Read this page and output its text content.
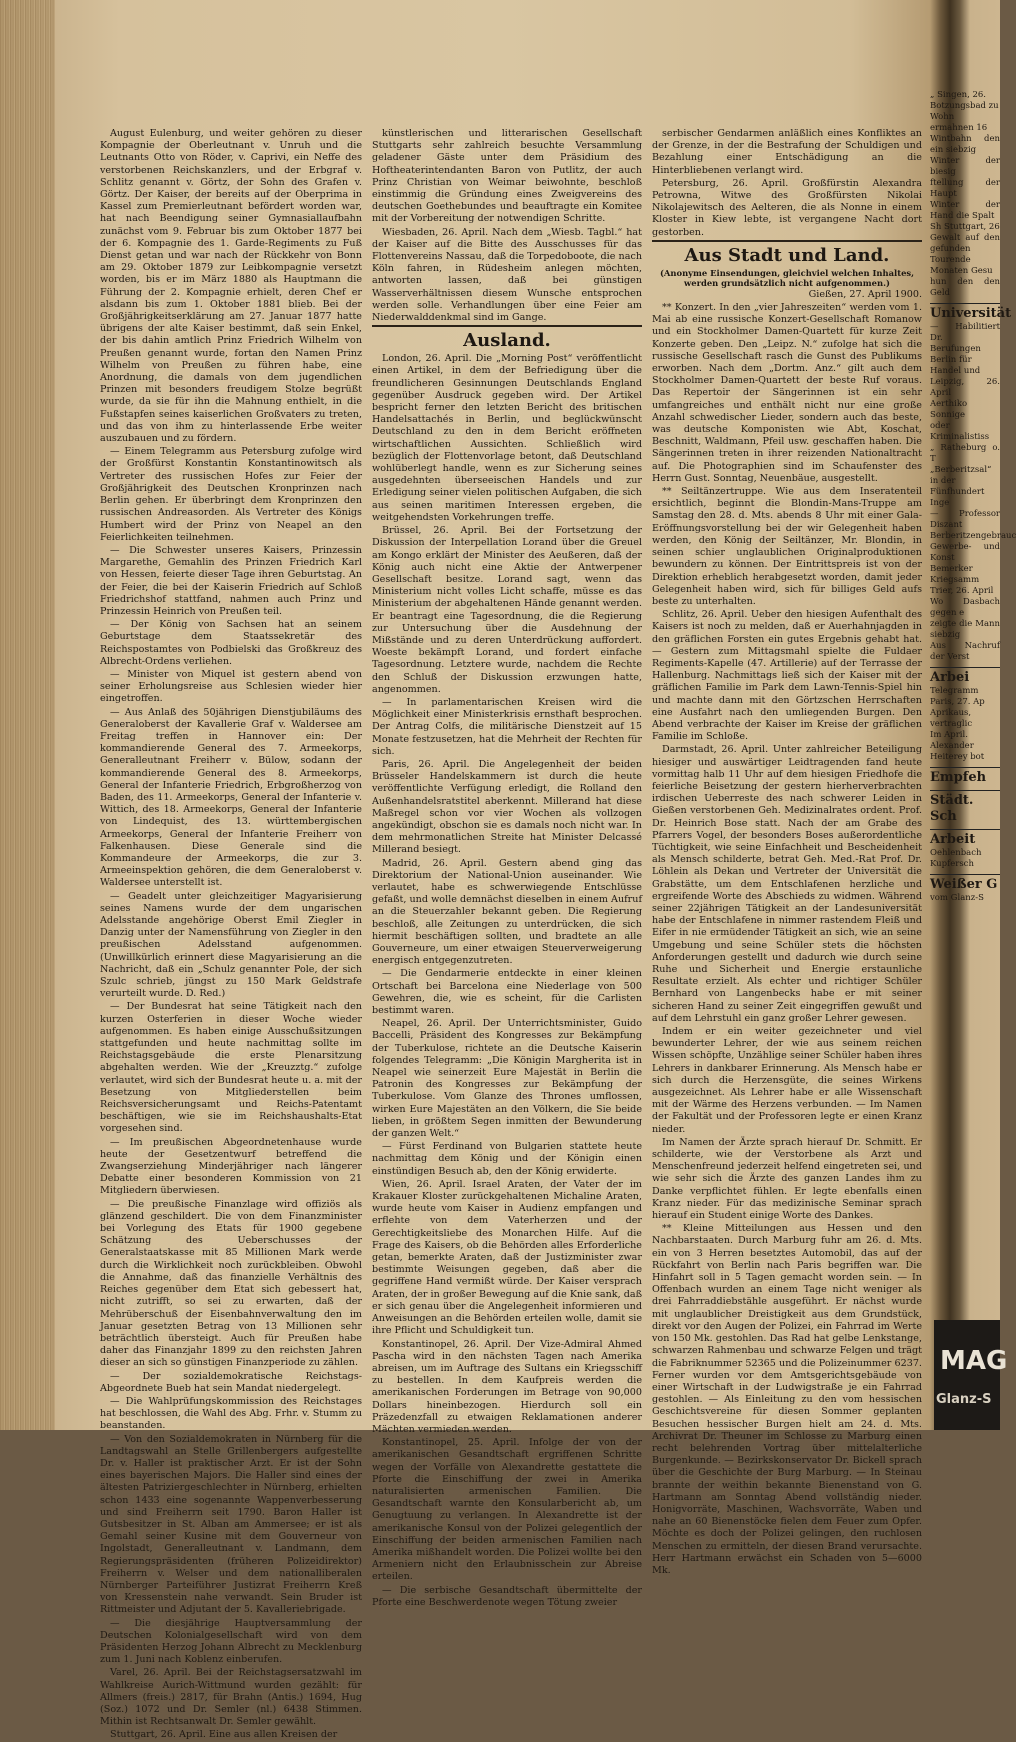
August Eulenburg, und weiter gehören zu dieser Kompagnie der Oberleutnant v. Unruh und die Leutnants Otto von Röder, v. Caprivi, ein Neffe des verstorbenen Reichskanzlers, und der Erbgraf v. Schlitz genannt v. Görtz, der Sohn des Grafen v. Görtz. Der Kaiser, der bereits auf der Oberprima in Kassel zum Premierleutnant befördert worden war, hat nach Beendigung seiner Gymnasiallaufbahn zunächst vom 9. Februar bis zum Oktober 1877 bei der 6. Kompagnie des 1. Garde-Regiments zu Fuß Dienst getan und war nach der Rückkehr von Bonn am 29. Oktober 1879 zur Leibkompagnie versetzt worden, bis er im März 1880 als Hauptmann die Führung der 2. Kompagnie erhielt, deren Chef er alsdann bis zum 1. Oktober 1881 blieb. Bei der Großjährigkeitserklärung am 27. Januar 1877 hatte übrigens der alte Kaiser bestimmt, daß sein Enkel, der bis dahin amtlich Prinz Friedrich Wilhelm von Preußen genannt wurde, fortan den Namen Prinz Wilhelm von Preußen zu führen habe, eine Anordnung, die damals von dem jugendlichen Prinzen mit besonders freudigem Stolze begrüßt wurde, da sie für ihn die Mahnung enthielt, in die Fußstapfen seines kaiserlichen Großvaters zu treten, und das von ihm zu hinterlassende Erbe weiter auszubauen und zu fördern.

— Einem Telegramm aus Petersburg zufolge wird der Großfürst Konstantin Konstantinowitsch als Vertreter des russischen Hofes zur Feier der Großjährigkeit des Deutschen Kronprinzen nach Berlin gehen. Er überbringt dem Kronprinzen den russischen Andreasorden. Als Vertreter des Königs Humbert wird der Prinz von Neapel an den Feierlichkeiten teilnehmen.

— Die Schwester unseres Kaisers, Prinzessin Margarethe, Gemahlin des Prinzen Friedrich Karl von Hessen, feierte dieser Tage ihren Geburtstag. An der Feier, die bei der Kaiserin Friedrich auf Schloß Friedrichshof stattfand, nahmen auch Prinz und Prinzessin Heinrich von Preußen teil.

— Der König von Sachsen hat an seinem Geburtstage dem Staatssekretär des Reichspostamtes von Podbielski das Großkreuz des Albrecht-Ordens verliehen.

— Minister von Miquel ist gestern abend von seiner Erholungsreise aus Schlesien wieder hier eingetroffen.

— Aus Anlaß des 50jährigen Dienstjubiläums des Generaloberst der Kavallerie Graf v. Waldersee am Freitag treffen in Hannover ein: Der kommandierende General des 7. Armeekorps, Generalleutnant Freiherr v. Bülow, sodann der kommandierende General des 8. Armeekorps, General der Infanterie Friedrich, Erbgroßherzog von Baden, des 11. Armeekorps, General der Infanterie v. Wittich, des 18. Armeekorps, General der Infanterie von Lindequist, des 13. württembergischen Armeekorps, General der Infanterie Freiherr von Falkenhausen. Diese Generale sind die Kommandeure der Armeekorps, die zur 3. Armeeinspektion gehören, die dem Generaloberst v. Waldersee unterstellt ist.

— Geadelt unter gleichzeitiger Magyarisierung seines Namens wurde der dem ungarischen Adelsstande angehörige Oberst Emil Ziegler in Danzig unter der Namensführung von Ziegler in den preußischen Adelsstand aufgenommen. (Unwillkürlich erinnert diese Magyarisierung an die Nachricht, daß ein „Schulz genannter Pole, der sich Szulc schrieb, jüngst zu 150 Mark Geldstrafe verurteilt wurde. D. Red.)

— Der Bundesrat hat seine Tätigkeit nach den kurzen Osterferien in dieser Woche wieder aufgenommen. Es haben einige Ausschußsitzungen stattgefunden und heute nachmittag sollte im Reichstagsgebäude die erste Plenarsitzung abgehalten werden. Wie der „Kreuzztg.“ zufolge verlautet, wird sich der Bundesrat heute u. a. mit der Besetzung von Mitgliederstellen beim Reichsversicherungsamt und Reichs-Patentamt beschäftigen, wie sie im Reichshaushalts-Etat vorgesehen sind.

— Im preußischen Abgeordnetenhause wurde heute der Gesetzentwurf betreffend die Zwangserziehung Minderjähriger nach längerer Debatte einer besonderen Kommission von 21 Mitgliedern überwiesen.

— Die preußische Finanzlage wird offiziös als glänzend geschildert. Die von dem Finanzminister bei Vorlegung des Etats für 1900 gegebene Schätzung des Ueberschusses der Generalstaatskasse mit 85 Millionen Mark werde durch die Wirklichkeit noch zurückbleiben. Obwohl die Annahme, daß das finanzielle Verhältnis des Reiches gegenüber dem Etat sich gebessert hat, nicht zutrifft, so sei zu erwarten, daß der Mehrüberschuß der Eisenbahnverwaltung den im Januar gesetzten Betrag von 13 Millionen sehr beträchtlich übersteigt. Auch für Preußen habe daher das Finanzjahr 1899 zu den reichsten Jahren dieser an sich so günstigen Finanzperiode zu zählen.

— Der sozialdemokratische Reichstags-Abgeordnete Bueb hat sein Mandat niedergelegt.

— Die Wahlprüfungskommission des Reichstages hat beschlossen, die Wahl des Abg. Frhr. v. Stumm zu beanstanden.

— Von den Sozialdemokraten in Nürnberg für die Landtagswahl an Stelle Grillenbergers aufgestellte Dr. v. Haller ist praktischer Arzt. Er ist der Sohn eines bayerischen Majors. Die Haller sind eines der ältesten Patriziergeschlechter in Nürnberg, erhielten schon 1433 eine sogenannte Wappenverbesserung und sind Freiherrn seit 1790. Baron Haller ist Gutsbesitzer in St. Alban am Ammersee; er ist als Gemahl seiner Kusine mit dem Gouverneur von Ingolstadt, Generalleutnant v. Landmann, dem Regierungspräsidenten (früheren Polizeidirektor) Freiherrn v. Welser und dem nationalliberalen Nürnberger Parteiführer Justizrat Freiherrn Kreß von Kressenstein nahe verwandt. Sein Bruder ist Rittmeister und Adjutant der 5. Kavalleriebrigade.

— Die diesjährige Hauptversammlung der Deutschen Kolonialgesellschaft wird von dem Präsidenten Herzog Johann Albrecht zu Mecklenburg zum 1. Juni nach Koblenz einberufen.

Varel, 26. April. Bei der Reichstagsersatzwahl im Wahlkreise Aurich-Wittmund wurden gezählt: für Allmers (freis.) 2817, für Brahn (Antis.) 1694, Hug (Soz.) 1072 und Dr. Semler (nl.) 6438 Stimmen. Mithin ist Rechtsanwalt Dr. Semler gewählt.

Stuttgart, 26. April. Eine aus allen Kreisen der

künstlerischen und litterarischen Gesellschaft Stuttgarts sehr zahlreich besuchte Versammlung geladener Gäste unter dem Präsidium des Hoftheaterintendanten Baron von Putlitz, der auch Prinz Christian von Weimar beiwohnte, beschloß einstimmig die Gründung eines Zweigvereins des deutschen Goethebundes und beauftragte ein Komitee mit der Vorbereitung der notwendigen Schritte.

Wiesbaden, 26. April. Nach dem „Wiesb. Tagbl.“ hat der Kaiser auf die Bitte des Ausschusses für das Flottenvereins Nassau, daß die Torpedoboote, die nach Köln fahren, in Rüdesheim anlegen möchten, antworten lassen, daß bei günstigen Wasserverhältnissen diesem Wunsche entsprochen werden solle. Verhandlungen über eine Feier am Niederwalddenkmal sind im Gange.

Ausland.

London, 26. April. Die „Morning Post“ veröffentlicht einen Artikel, in dem der Befriedigung über die freundlicheren Gesinnungen Deutschlands England gegenüber Ausdruck gegeben wird. Der Artikel bespricht ferner den letzten Bericht des britischen Handelsattachés in Berlin, und beglückwünscht Deutschland zu den in dem Bericht eröffneten wirtschaftlichen Aussichten. Schließlich wird bezüglich der Flottenvorlage betont, daß Deutschland wohlüberlegt handle, wenn es zur Sicherung seines ausgedehnten überseeischen Handels und zur Erledigung seiner vielen politischen Aufgaben, die sich aus seinen maritimen Interessen ergeben, die weitgehendsten Vorkehrungen treffe.

Brüssel, 26. April. Bei der Fortsetzung der Diskussion der Interpellation Lorand über die Greuel am Kongo erklärt der Minister des Aeußeren, daß der König auch nicht eine Aktie der Antwerpener Gesellschaft besitze. Lorand sagt, wenn das Ministerium nicht volles Licht schaffe, müsse es das Ministerium der abgehaltenen Hände genannt werden. Er beantragt eine Tagesordnung, die die Regierung zur Untersuchung über die Ausdehnung der Mißstände und zu deren Unterdrückung auffordert. Woeste bekämpft Lorand, und fordert einfache Tagesordnung. Letztere wurde, nachdem die Rechte den Schluß der Diskussion erzwungen hatte, angenommen.

— In parlamentarischen Kreisen wird die Möglichkeit einer Ministerkrisis ernsthaft besprochen. Der Antrag Colfs, die militärische Dienstzeit auf 15 Monate festzusetzen, hat die Mehrheit der Rechten für sich.

Paris, 26. April. Die Angelegenheit der beiden Brüsseler Handelskammern ist durch die heute veröffentlichte Verfügung erledigt, die Rolland den Außenhandelsratstitel aberkennt. Millerand hat diese Maßregel schon vor vier Wochen als vollzogen angekündigt, obschon sie es damals noch nicht war. In dem mehrmonatlichen Streite hat Minister Delcassé Millerand besiegt.

Madrid, 26. April. Gestern abend ging das Direktorium der National-Union auseinander. Wie verlautet, habe es schwerwiegende Entschlüsse gefaßt, und wolle demnächst dieselben in einem Aufruf an die Steuerzahler bekannt geben. Die Regierung beschloß, alle Zeitungen zu unterdrücken, die sich hiermit beschäftigen sollten, und bradtete an alle Gouverneure, um einer etwaigen Steuerverweigerung energisch entgegenzutreten.

— Die Gendarmerie entdeckte in einer kleinen Ortschaft bei Barcelona eine Niederlage von 500 Gewehren, die, wie es scheint, für die Carlisten bestimmt waren.

Neapel, 26. April. Der Unterrichtsminister, Guido Baccelli, Präsident des Kongresses zur Bekämpfung der Tuberkulose, richtete an die Deutsche Kaiserin folgendes Telegramm: „Die Königin Margherita ist in Neapel wie seinerzeit Eure Majestät in Berlin die Patronin des Kongresses zur Bekämpfung der Tuberkulose. Vom Glanze des Thrones umflossen, wirken Eure Majestäten an den Völkern, die Sie beide lieben, in größtem Segen inmitten der Bewunderung der ganzen Welt.“

— Fürst Ferdinand von Bulgarien stattete heute nachmittag dem König und der Königin einen einstündigen Besuch ab, den der König erwiderte.

Wien, 26. April. Israel Araten, der Vater der im Krakauer Kloster zurückgehaltenen Michaline Araten, wurde heute vom Kaiser in Audienz empfangen und erflehte von dem Vaterherzen und der Gerechtigkeitsliebe des Monarchen Hilfe. Auf die Frage des Kaisers, ob die Behörden alles Erforderliche getan, bemerkte Araten, daß der Justizminister zwar bestimmte Weisungen gegeben, daß aber die gegriffene Hand vermißt würde. Der Kaiser versprach Araten, der in großer Bewegung auf die Knie sank, daß er sich genau über die Angelegenheit informieren und Anweisungen an die Behörden erteilen wolle, damit sie ihre Pflicht und Schuldigkeit tun.

Konstantinopel, 26. April. Der Vize-Admiral Ahmed Pascha wird in den nächsten Tagen nach Amerika abreisen, um im Auftrage des Sultans ein Kriegsschiff zu bestellen. In dem Kaufpreis werden die amerikanischen Forderungen im Betrage von 90,000 Dollars hineinbezogen. Hierdurch soll ein Präzedenzfall zu etwaigen Reklamationen anderer Mächten vermieden werden.

Konstantinopel, 25. April. Infolge der von der amerikanischen Gesandtschaft ergriffenen Schritte wegen der Vorfälle von Alexandrette gestattete die Pforte die Einschiffung der zwei in Amerika naturalisierten armenischen Familien. Die Gesandtschaft warnte den Konsularbericht ab, um Genugtuung zu verlangen. In Alexandrette ist der amerikanische Konsul von der Polizei gelegentlich der Einschiffung der beiden armenischen Familien nach Amerika mißhandelt worden. Die Polizei wollte bei den Armeniern nicht den Erlaubnisschein zur Abreise erteilen.

— Die serbische Gesandtschaft übermittelte der Pforte eine Beschwerdenote wegen Tötung zweier

serbischer Gendarmen anläßlich eines Konfliktes an der Grenze, in der die Bestrafung der Schuldigen und Bezahlung einer Entschädigung an die Hinterbliebenen verlangt wird.

Petersburg, 26. April. Großfürstin Alexandra Petrowna, Witwe des Großfürsten Nikolai Nikolajewitsch des Aelteren, die als Nonne in einem Kloster in Kiew lebte, ist vergangene Nacht dort gestorben.

Aus Stadt und Land.

(Anonyme Einsendungen, gleichviel welchen Inhaltes, werden grundsätzlich nicht aufgenommen.)

Gießen, 27. April 1900.

** Konzert. In den „vier Jahreszeiten“ werden vom 1. Mai ab eine russische Konzert-Gesellschaft Romanow und ein Stockholmer Damen-Quartett für kurze Zeit Konzerte geben. Den „Leipz. N.“ zufolge hat sich die russische Gesellschaft rasch die Gunst des Publikums erworben. Nach dem „Dortm. Anz.“ gilt auch dem Stockholmer Damen-Quartett der beste Ruf voraus. Das Repertoir der Sängerinnen ist ein sehr umfangreiches und enthält nicht nur eine große Anzahl schwedischer Lieder, sondern auch das beste, was deutsche Komponisten wie Abt, Koschat, Beschnitt, Waldmann, Pfeil usw. geschaffen haben. Die Sängerinnen treten in ihrer reizenden Nationaltracht auf. Die Photographien sind im Schaufenster des Herrn Gust. Sonntag, Neuenbäue, ausgestellt.

** Seiltänzertruppe. Wie aus dem Inseratenteil ersichtlich, beginnt die Blondin-Mans-Truppe am Samstag den 28. d. Mts. abends 8 Uhr mit einer Gala-Eröffnungsvorstellung bei der wir Gelegenheit haben werden, den König der Seiltänzer, Mr. Blondin, in seinen schier unglaublichen Originalproduktionen bewundern zu können. Der Eintrittspreis ist von der Direktion erheblich herabgesetzt worden, damit jeder Gelegenheit haben wird, sich für billiges Geld aufs beste zu unterhalten.

Schlitz, 26. April. Ueber den hiesigen Aufenthalt des Kaisers ist noch zu melden, daß er Auerhahnjagden in den gräflichen Forsten ein gutes Ergebnis gehabt hat. — Gestern zum Mittagsmahl spielte die Fuldaer Regiments-Kapelle (47. Artillerie) auf der Terrasse der Hallenburg. Nachmittags ließ sich der Kaiser mit der gräflichen Familie im Park dem Lawn-Tennis-Spiel hin und machte dann mit den Görtzschen Herrschaften eine Ausfahrt nach den umliegenden Burgen. Den Abend verbrachte der Kaiser im Kreise der gräflichen Familie im Schloße.

Darmstadt, 26. April. Unter zahlreicher Beteiligung hiesiger und auswärtiger Leidtragenden fand heute vormittag halb 11 Uhr auf dem hiesigen Friedhofe die feierliche Beisetzung der gestern hierherverbrachten irdischen Ueberreste des nach schwerer Leiden in Gießen verstorbenen Geh. Medizinalrates ordent. Prof. Dr. Heinrich Bose statt. Nach der am Grabe des Pfarrers Vogel, der besonders Boses außerordentliche Tüchtigkeit, wie seine Einfachheit und Bescheidenheit als Mensch schilderte, betrat Geh. Med.-Rat Prof. Dr. Löhlein als Dekan und Vertreter der Universität die Grabstätte, um dem Entschlafenen herzliche und ergreifende Worte des Abschieds zu widmen. Während seiner 22jährigen Tätigkeit an der Landesuniversität habe der Entschlafene in nimmer rastendem Fleiß und Eifer in nie ermüdender Tätigkeit an sich, wie an seine Umgebung und seine Schüler stets die höchsten Anforderungen gestellt und dadurch wie durch seine Ruhe und Sicherheit und Energie erstaunliche Resultate erzielt. Als echter und richtiger Schüler Bernhard von Langenbecks habe er mit seiner sicheren Hand zu seiner Zeit eingegriffen gewußt und auf dem Lehrstuhl ein ganz großer Lehrer gewesen.

Indem er ein weiter gezeichneter und viel bewunderter Lehrer, der wie aus seinem reichen Wissen schöpfte, Unzählige seiner Schüler haben ihres Lehrers in dankbarer Erinnerung. Als Mensch habe er sich durch die Herzensgüte, die seines Wirkens ausgezeichnet. Als Lehrer habe er alle Wissenschaft mit der Wärme des Herzens verbunden. — Im Namen der Fakultät und der Professoren legte er einen Kranz nieder.

Im Namen der Ärzte sprach hierauf Dr. Schmitt. Er schilderte, wie der Verstorbene als Arzt und Menschenfreund jederzeit helfend eingetreten sei, und wie sehr sich die Ärzte des ganzen Landes ihm zu Danke verpflichtet fühlen. Er legte ebenfalls einen Kranz nieder. Für das medizinische Seminar sprach hierauf ein Student einige Worte des Dankes.

** Kleine Mitteilungen aus Hessen und den Nachbarstaaten. Durch Marburg fuhr am 26. d. Mts. ein von 3 Herren besetztes Automobil, das auf der Rückfahrt von Berlin nach Paris begriffen war. Die Hinfahrt soll in 5 Tagen gemacht worden sein. — In Offenbach wurden an einem Tage nicht weniger als drei Fahrraddiebstähle ausgeführt. Er nächst wurde mit unglaublicher Dreistigkeit aus dem Grundstück, direkt vor den Augen der Polizei, ein Fahrrad im Werte von 150 Mk. gestohlen. Das Rad hat gelbe Lenkstange, schwarzen Rahmenbau und schwarze Felgen und trägt die Fabriknummer 52365 und die Polizeinummer 6237. Ferner wurden vor dem Amtsgerichtsgebäude von einer Wirtschaft in der Ludwigstraße je ein Fahrrad gestohlen. — Als Einleitung zu den vom hessischen Geschichtsvereine für diesen Sommer geplanten Besuchen hessischer Burgen hielt am 24. d. Mts. Archivrat Dr. Theuner im Schlosse zu Marburg einen recht belehrenden Vortrag über mittelalterliche Burgenkunde. — Bezirkskonservator Dr. Bickell sprach über die Geschichte der Burg Marburg. — In Steinau brannte der weithin bekannte Bienenstand von G. Hartmann am Sonntag Abend vollständig nieder. Honigvorräte, Maschinen, Wachsvorräte, Waben und nahe an 60 Bienenstöcke fielen dem Feuer zum Opfer. Möchte es doch der Polizei gelingen, den ruchlosen Menschen zu ermitteln, der diesen Brand verursachte. Herr Hartmann erwächst ein Schaden von 5—6000 Mk.

„ Singen, 26.
Botzungsbad zu
Wohn ermahnen 16
Wintbahn den ein siebzig
Winter der biesig
ftellung der Haupt
Winter der Hand die Spalt
Sh Stuttgart, 26
Gewalt auf den gefunden
Tourende Monaten Gesu
hun den den Geld
Universität
— Habilitiert Dr.
Berufungen
Berlin für
Handel und
Leipzig, 26. April
Aerthiko Sonnige
oder Kriminalistiss
„ Ratheburg o. T
„Berberitzsal“ in der
Fünfhundert Inge
— Professor Diszant
Berberitzengebrauc
Gewerbe- und Konst
Bemerker Kriegsamm
Trier, 26. April
Wo Dasbach gegen e
zeigte die Mann siebzig
Aus Nachruf der Verst
Arbei
Telegramm
Paris, 27. Ap
Aprikaus, vertraglic
Im April.
Alexander
Heiterey bot
Empfeh
Städt. Sch
Arbeit
Oehlenbach
Kupfersch
Weißer G
vom Glanz-S
MAG
Glanz-S
